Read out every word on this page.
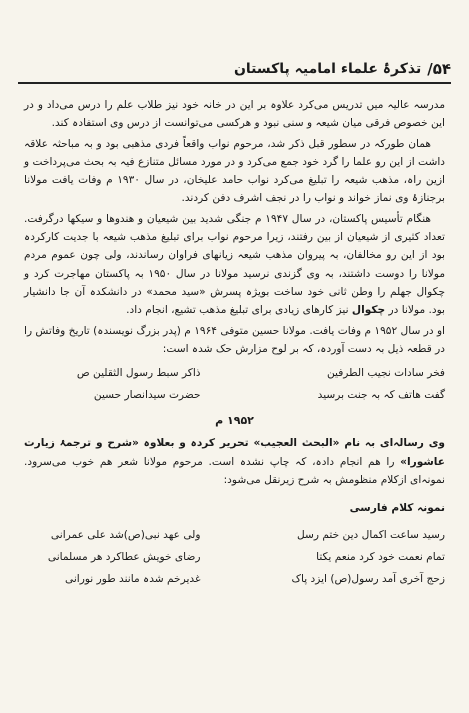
۵۴/
تذکرۂ علماء امامیہ پاکستان

مدرسہ عالیہ میں تدریس می‌کرد علاوہ بر این در خانہ خود نیز طلاب علم را درس می‌داد و در این خصوص فرقی میان شیعہ و سنی نبود و هرکسی می‌توانست از درس وی استفادہ کند.

همان طورکہ در سطور قبل ذکر شد، مرحوم نواب واقعاً فردی مذهبی بود و بہ مباحثہ علاقہ داشت از این رو علما را گرد خود جمع می‌کرد و در مورد مسائل متنازع فیہ بہ بحث می‌پرداخت و ازین راہ، مذهب شیعہ را تبلیغ می‌کرد نواب حامد علیخان، در سال ۱۹۳۰ م وفات یافت مولانا برجنازۂ وی نماز خواند و نواب را در نجف اشرف دفن کردند.

هنگام تأسیس پاکستان، در سال ۱۹۴۷ م جنگی شدید بین شیعیان و هندوها و سیکها درگرفت. تعداد کثیری از شیعیان از بین رفتند، زیرا مرحوم نواب برای تبلیغ مذهب شیعہ با جدیت کارکردہ بود از این رو مخالفان، بہ پیروان مذهب شیعہ زیانهای فراوان رساندند، ولی چون عموم مردم مولانا را دوست داشتند، بہ وی گزندی نرسید مولانا در سال ۱۹۵۰ بہ پاکستان مهاجرت کرد و چکوال جهلم را وطن ثانی خود ساخت بویژہ پسرش «سید محمد» در دانشکدہ آن جا دانشیار بود. مولانا در چکوال نیز کارهای زیادی برای تبلیغ مذهب تشیع، انجام داد.

او در سال ۱۹۵۲ م وفات یافت. مولانا حسین متوفی ۱۹۶۴ م (پدر بزرگ نویسندہ) تاریخ وفاتش را در قطعہ ذیل بہ دست آوردہ، کہ بر لوح مزارش حک شدہ است:

فخر سادات نجیب الطرفین
ذاکر سبط رسول الثقلین ص
گفت هاتف کہ بہ جنت برسید
حضرت سیدانصار حسین
۱۹۵۲ م

وی رسالہ‌ای بہ نام «البحث العجیب» تحریر کردہ و بعلاوہ «شرح و ترجمۂ زیارت عاشورا» را هم انجام دادہ، کہ چاپ نشدہ است. مرحوم مولانا شعر هم خوب می‌سرود. نمونہ‌ای ازکلام منظومش بہ شرح زیرنقل می‌شود:

نمونہ کلام فارسی
رسید ساعت اکمال دین ختم رسل
ولی عهد نبی(ص)شد علی عمرانی
تمام نعمت خود کرد منعم یکتا
رضای خویش عطاکرد هر مسلمانی
زحج آخری آمد رسول(ص) ایزد پاک
غدیرخم شدہ مانند طور نورانی
